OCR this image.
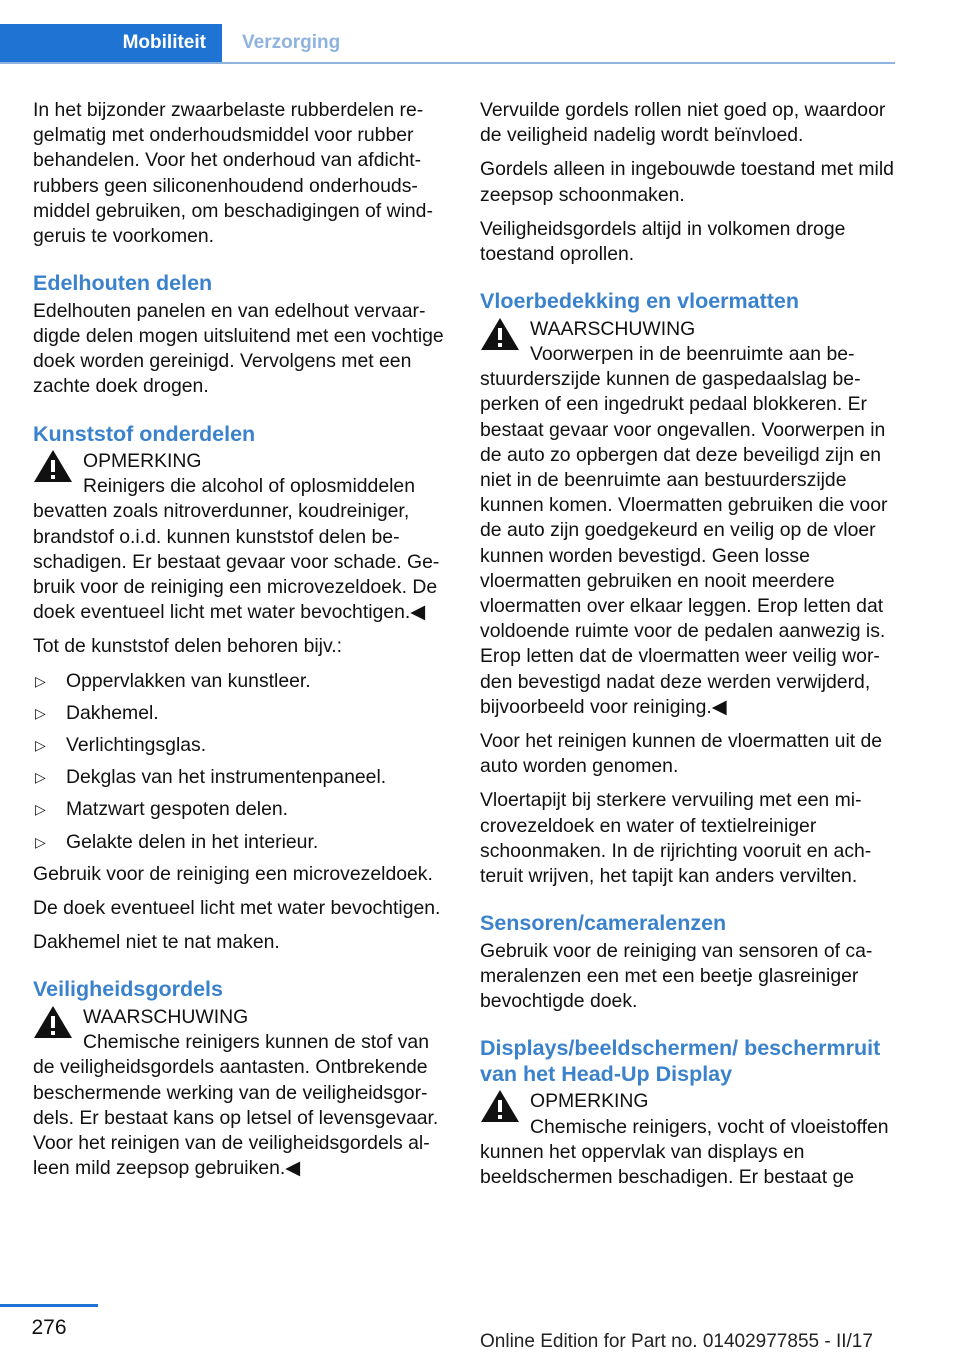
Mobiliteit	Verzorging

In het bijzonder zwaarbelaste rubberdelen regelmatig met onderhoudsmiddel voor rubber behandelen. Voor het onderhoud van afdichtrubbers geen siliconenhoudend onderhoudsmiddel gebruiken, om beschadigingen of windgeruis te voorkomen.

Edelhouten delen

Edelhouten panelen en van edelhout vervaardigde delen mogen uitsluitend met een vochtige doek worden gereinigd. Vervolgens met een zachte doek drogen.

Kunststof onderdelen
OPMERKING
Reinigers die alcohol of oplosmiddelen bevatten zoals nitroverdunner, koudreiniger, brandstof o.i.d. kunnen kunststof delen beschadigen. Er bestaat gevaar voor schade. Gebruik voor de reiniging een microvezeldoek. De doek eventueel licht met water bevochtigen.◀

Tot de kunststof delen behoren bijv.:

▷ Oppervlakken van kunstleer.
▷ Dakhemel.
▷ Verlichtingsglas.
▷ Dekglas van het instrumentenpaneel.
▷ Matzwart gespoten delen.
▷ Gelakte delen in het interieur.

Gebruik voor de reiniging een microvezeldoek.

De doek eventueel licht met water bevochtigen.

Dakhemel niet te nat maken.

Veiligheidsgordels
WAARSCHUWING
Chemische reinigers kunnen de stof van de veiligheidsgordels aantasten. Ontbrekende beschermende werking van de veiligheidsgordels. Er bestaat kans op letsel of levensgevaar. Voor het reinigen van de veiligheidsgordels alleen mild zeepsop gebruiken.◀

Vervuilde gordels rollen niet goed op, waardoor de veiligheid nadelig wordt beïnvloed.

Gordels alleen in ingebouwde toestand met mild zeepsop schoonmaken.

Veiligheidsgordels altijd in volkomen droge toestand oprollen.

Vloerbedekking en vloermatten
WAARSCHUWING
Voorwerpen in de beenruimte aan bestuurderszijde kunnen de gaspedaalslag beperken of een ingedrukt pedaal blokkeren. Er bestaat gevaar voor ongevallen. Voorwerpen in de auto zo opbergen dat deze beveiligd zijn en niet in de beenruimte aan bestuurderszijde kunnen komen. Vloermatten gebruiken die voor de auto zijn goedgekeurd en veilig op de vloer kunnen worden bevestigd. Geen losse vloermatten gebruiken en nooit meerdere vloermatten over elkaar leggen. Erop letten dat voldoende ruimte voor de pedalen aanwezig is. Erop letten dat de vloermatten weer veilig worden bevestigd nadat deze werden verwijderd, bijvoorbeeld voor reiniging.◀

Voor het reinigen kunnen de vloermatten uit de auto worden genomen.

Vloertapijt bij sterkere vervuiling met een microvezeldoek en water of textielreiniger schoonmaken. In de rijrichting vooruit en achteruit wrijven, het tapijt kan anders vervilten.

Sensoren/cameralenzen

Gebruik voor de reiniging van sensoren of cameralenzen een met een beetje glasreiniger bevochtigde doek.

Displays/beeldschermen/ beschermruit van het Head-Up Display
OPMERKING
Chemische reinigers, vocht of vloeistoffen kunnen het oppervlak van displays en beeldschermen beschadigen. Er bestaat ge
276
Online Edition for Part no. 01402977855 - II/17
